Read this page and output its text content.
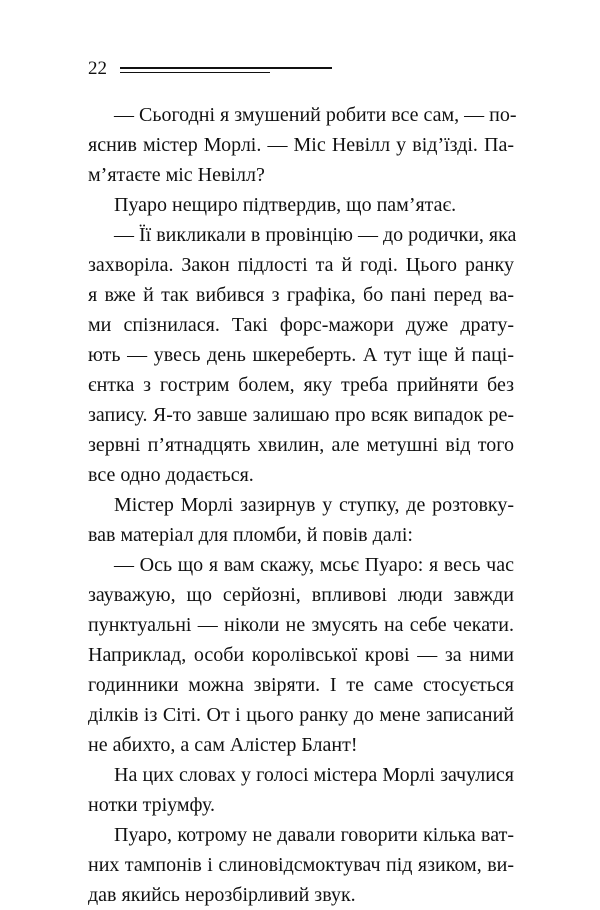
22
— Сьогодні я змушений робити все сам, — по-
яснив містер Морлі. — Міс Невілл у від’їзді. Па-
м’ятаєте міс Невілл?
Пуаро нещиро підтвердив, що пам’ятає.
— Її викликали в провінцію — до родички, яка
захворіла. Закон підлості та й годі. Цього ранку
я вже й так вибився з графіка, бо пані перед ва-
ми спізнилася. Такі форс-мажори дуже драту-
ють — увесь день шкереберть. А тут іще й паці-
єнтка з гострим болем, яку треба прийняти без
запису. Я-то завше залишаю про всяк випадок ре-
зервні п’ятнадцять хвилин, але метушні від того
все одно додається.
Містер Морлі зазирнув у ступку, де розтовку-
вав матеріал для пломби, й повів далі:
— Ось що я вам скажу, мсьє Пуаро: я весь час
зауважую, що серйозні, впливові люди завжди
пунктуальні — ніколи не змусять на себе чекати.
Наприклад, особи королівської крові — за ними
годинники можна звіряти. І те саме стосується
ділків із Сіті. От і цього ранку до мене записаний
не абихто, а сам Алістер Блант!
На цих словах у голосі містера Морлі зачулися
нотки тріумфу.
Пуаро, котрому не давали говорити кілька ват-
них тампонів і слиновідсмоктувач під язиком, ви-
дав якийсь нерозбірливий звук.
